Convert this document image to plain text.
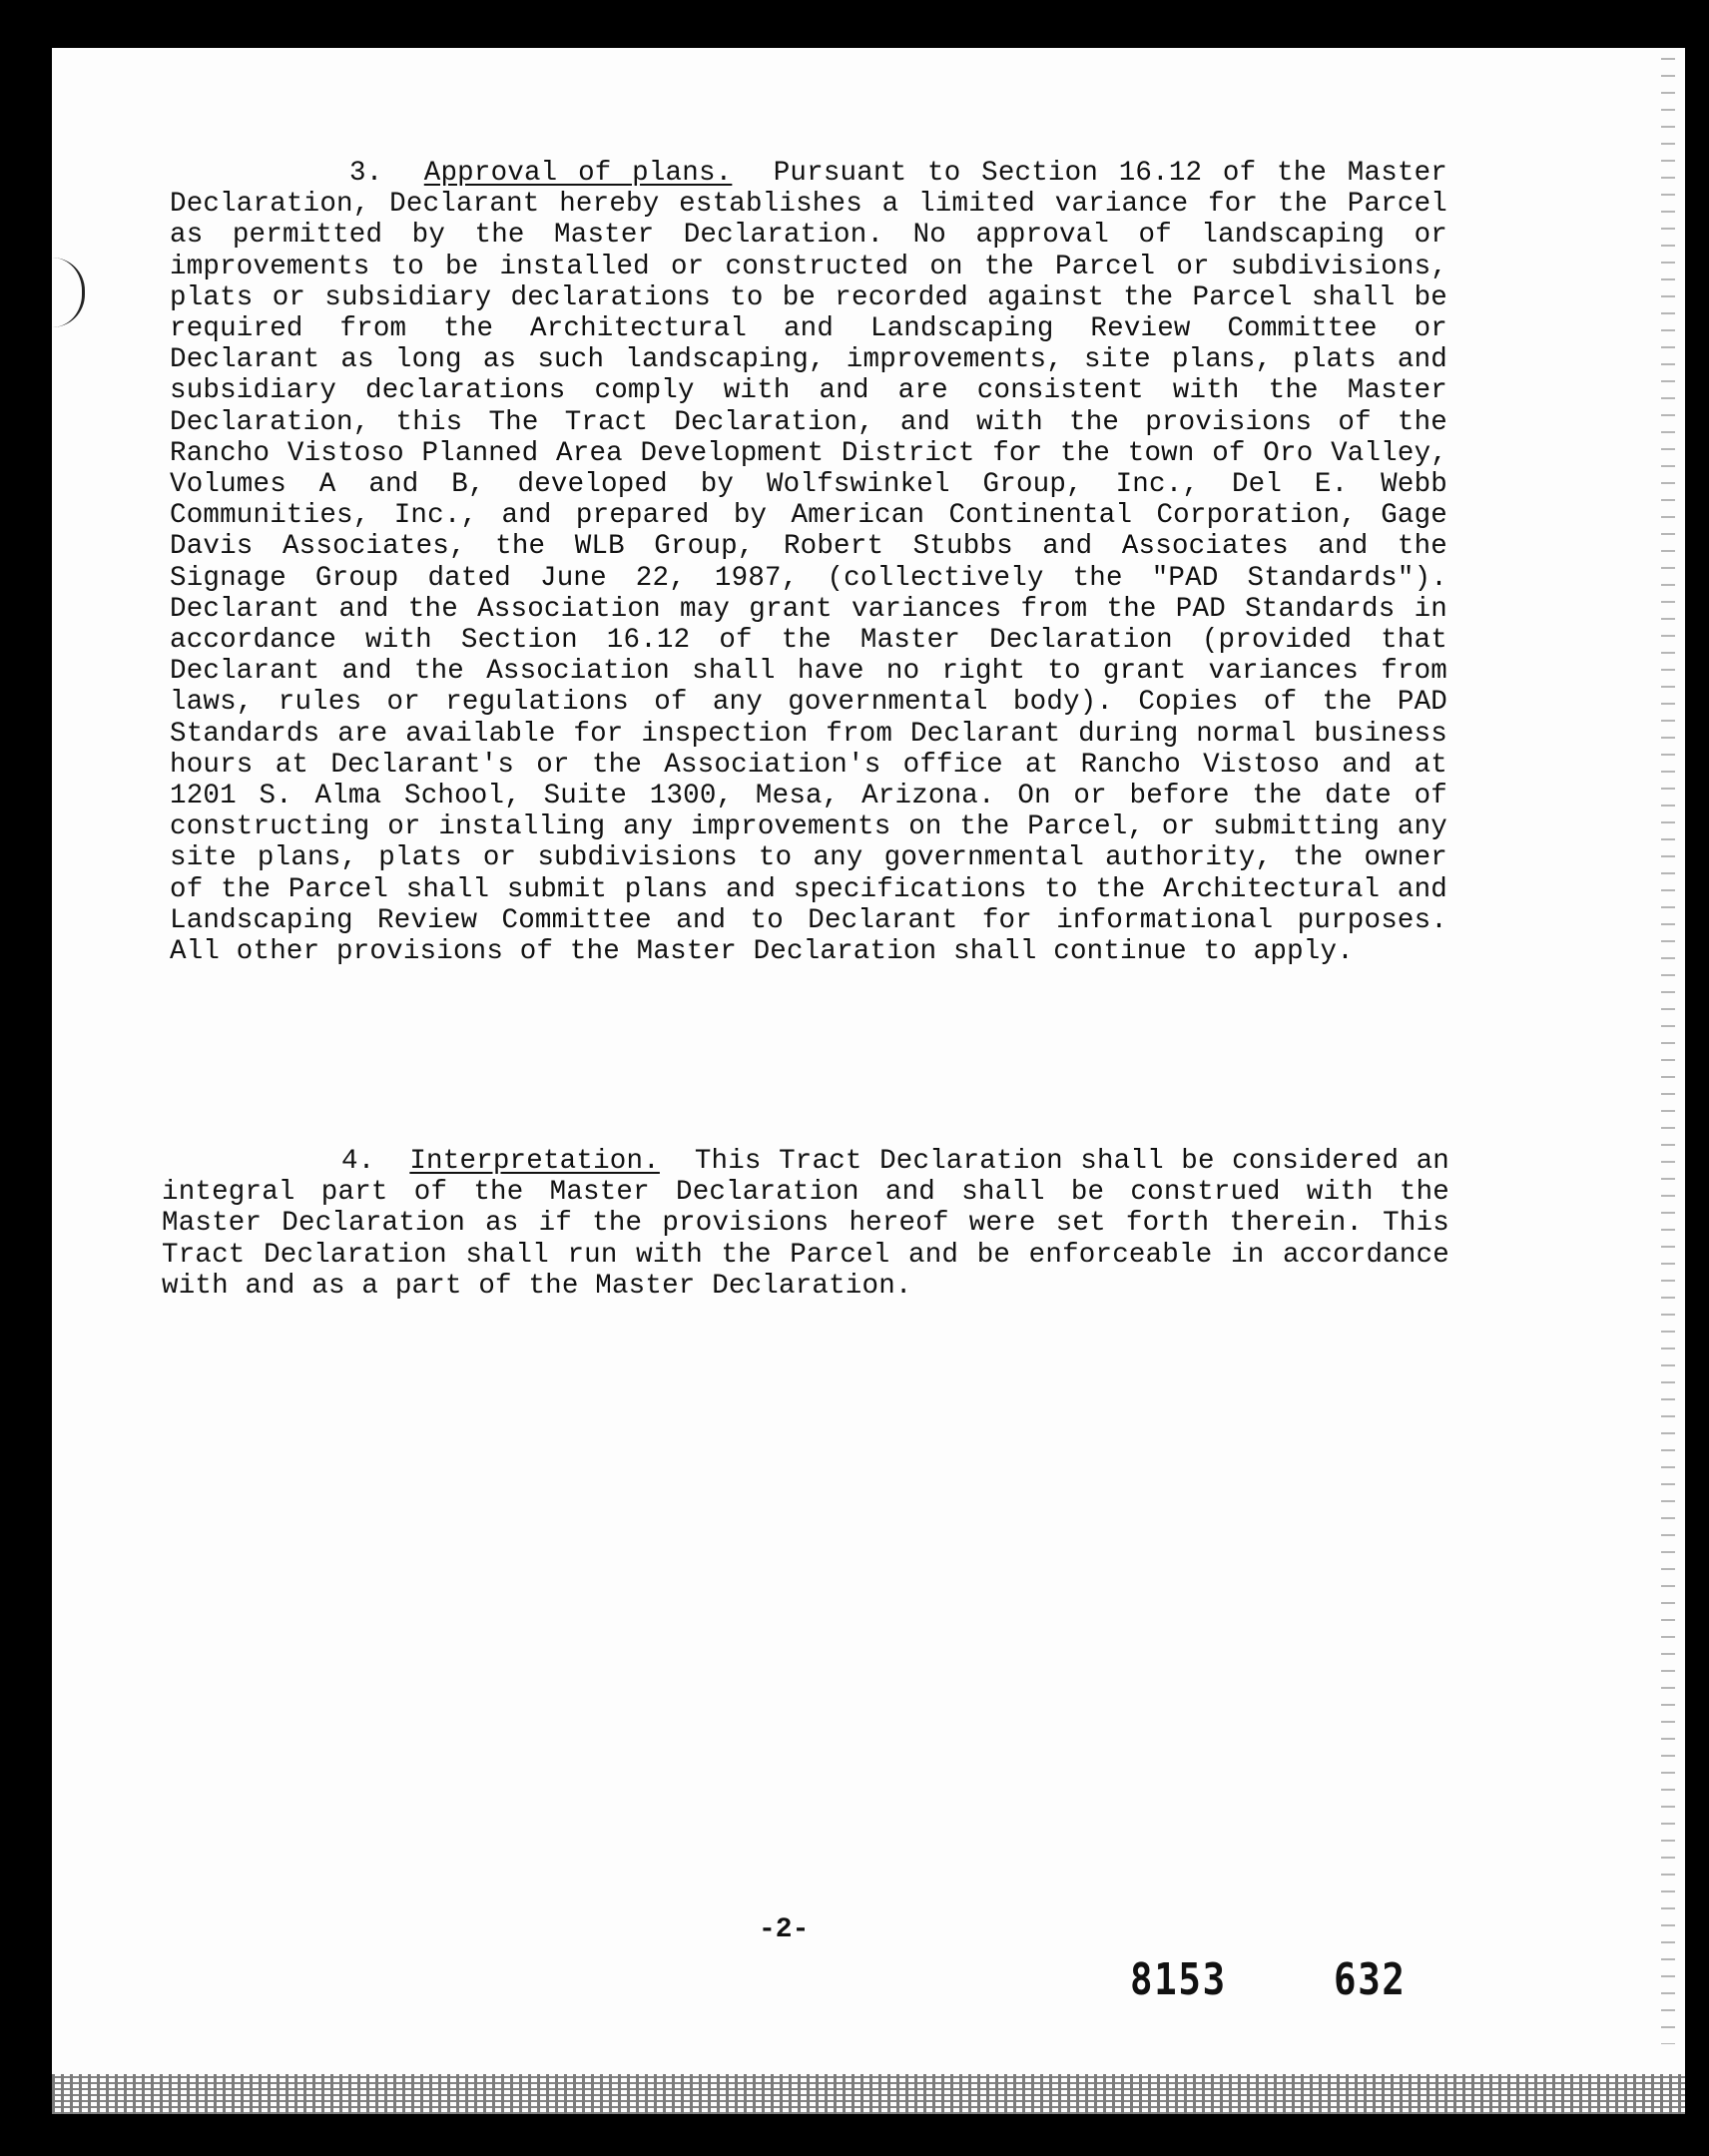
3. Approval of plans. Pursuant to Section 16.12 of the Master Declaration, Declarant hereby establishes a limited variance for the Parcel as permitted by the Master Declaration. No approval of landscaping or improvements to be installed or constructed on the Parcel or subdivisions, plats or subsidiary declarations to be recorded against the Parcel shall be required from the Architectural and Landscaping Review Committee or Declarant as long as such landscaping, improvements, site plans, plats and subsidiary declarations comply with and are consistent with the Master Declaration, this The Tract Declaration, and with the provisions of the Rancho Vistoso Planned Area Development District for the town of Oro Valley, Volumes A and B, developed by Wolfswinkel Group, Inc., Del E. Webb Communities, Inc., and prepared by American Continental Corporation, Gage Davis Associates, the WLB Group, Robert Stubbs and Associates and the Signage Group dated June 22, 1987, (collectively the "PAD Standards"). Declarant and the Association may grant variances from the PAD Standards in accordance with Section 16.12 of the Master Declaration (provided that Declarant and the Association shall have no right to grant variances from laws, rules or regulations of any governmental body). Copies of the PAD Standards are available for inspection from Declarant during normal business hours at Declarant's or the Association's office at Rancho Vistoso and at 1201 S. Alma School, Suite 1300, Mesa, Arizona. On or before the date of constructing or installing any improvements on the Parcel, or submitting any site plans, plats or subdivisions to any governmental authority, the owner of the Parcel shall submit plans and specifications to the Architectural and Landscaping Review Committee and to Declarant for informational purposes. All other provisions of the Master Declaration shall continue to apply.

4. Interpretation. This Tract Declaration shall be considered an integral part of the Master Declaration and shall be construed with the Master Declaration as if the provisions hereof were set forth therein. This Tract Declaration shall run with the Parcel and be enforceable in accordance with and as a part of the Master Declaration.

-2-
8153 632
